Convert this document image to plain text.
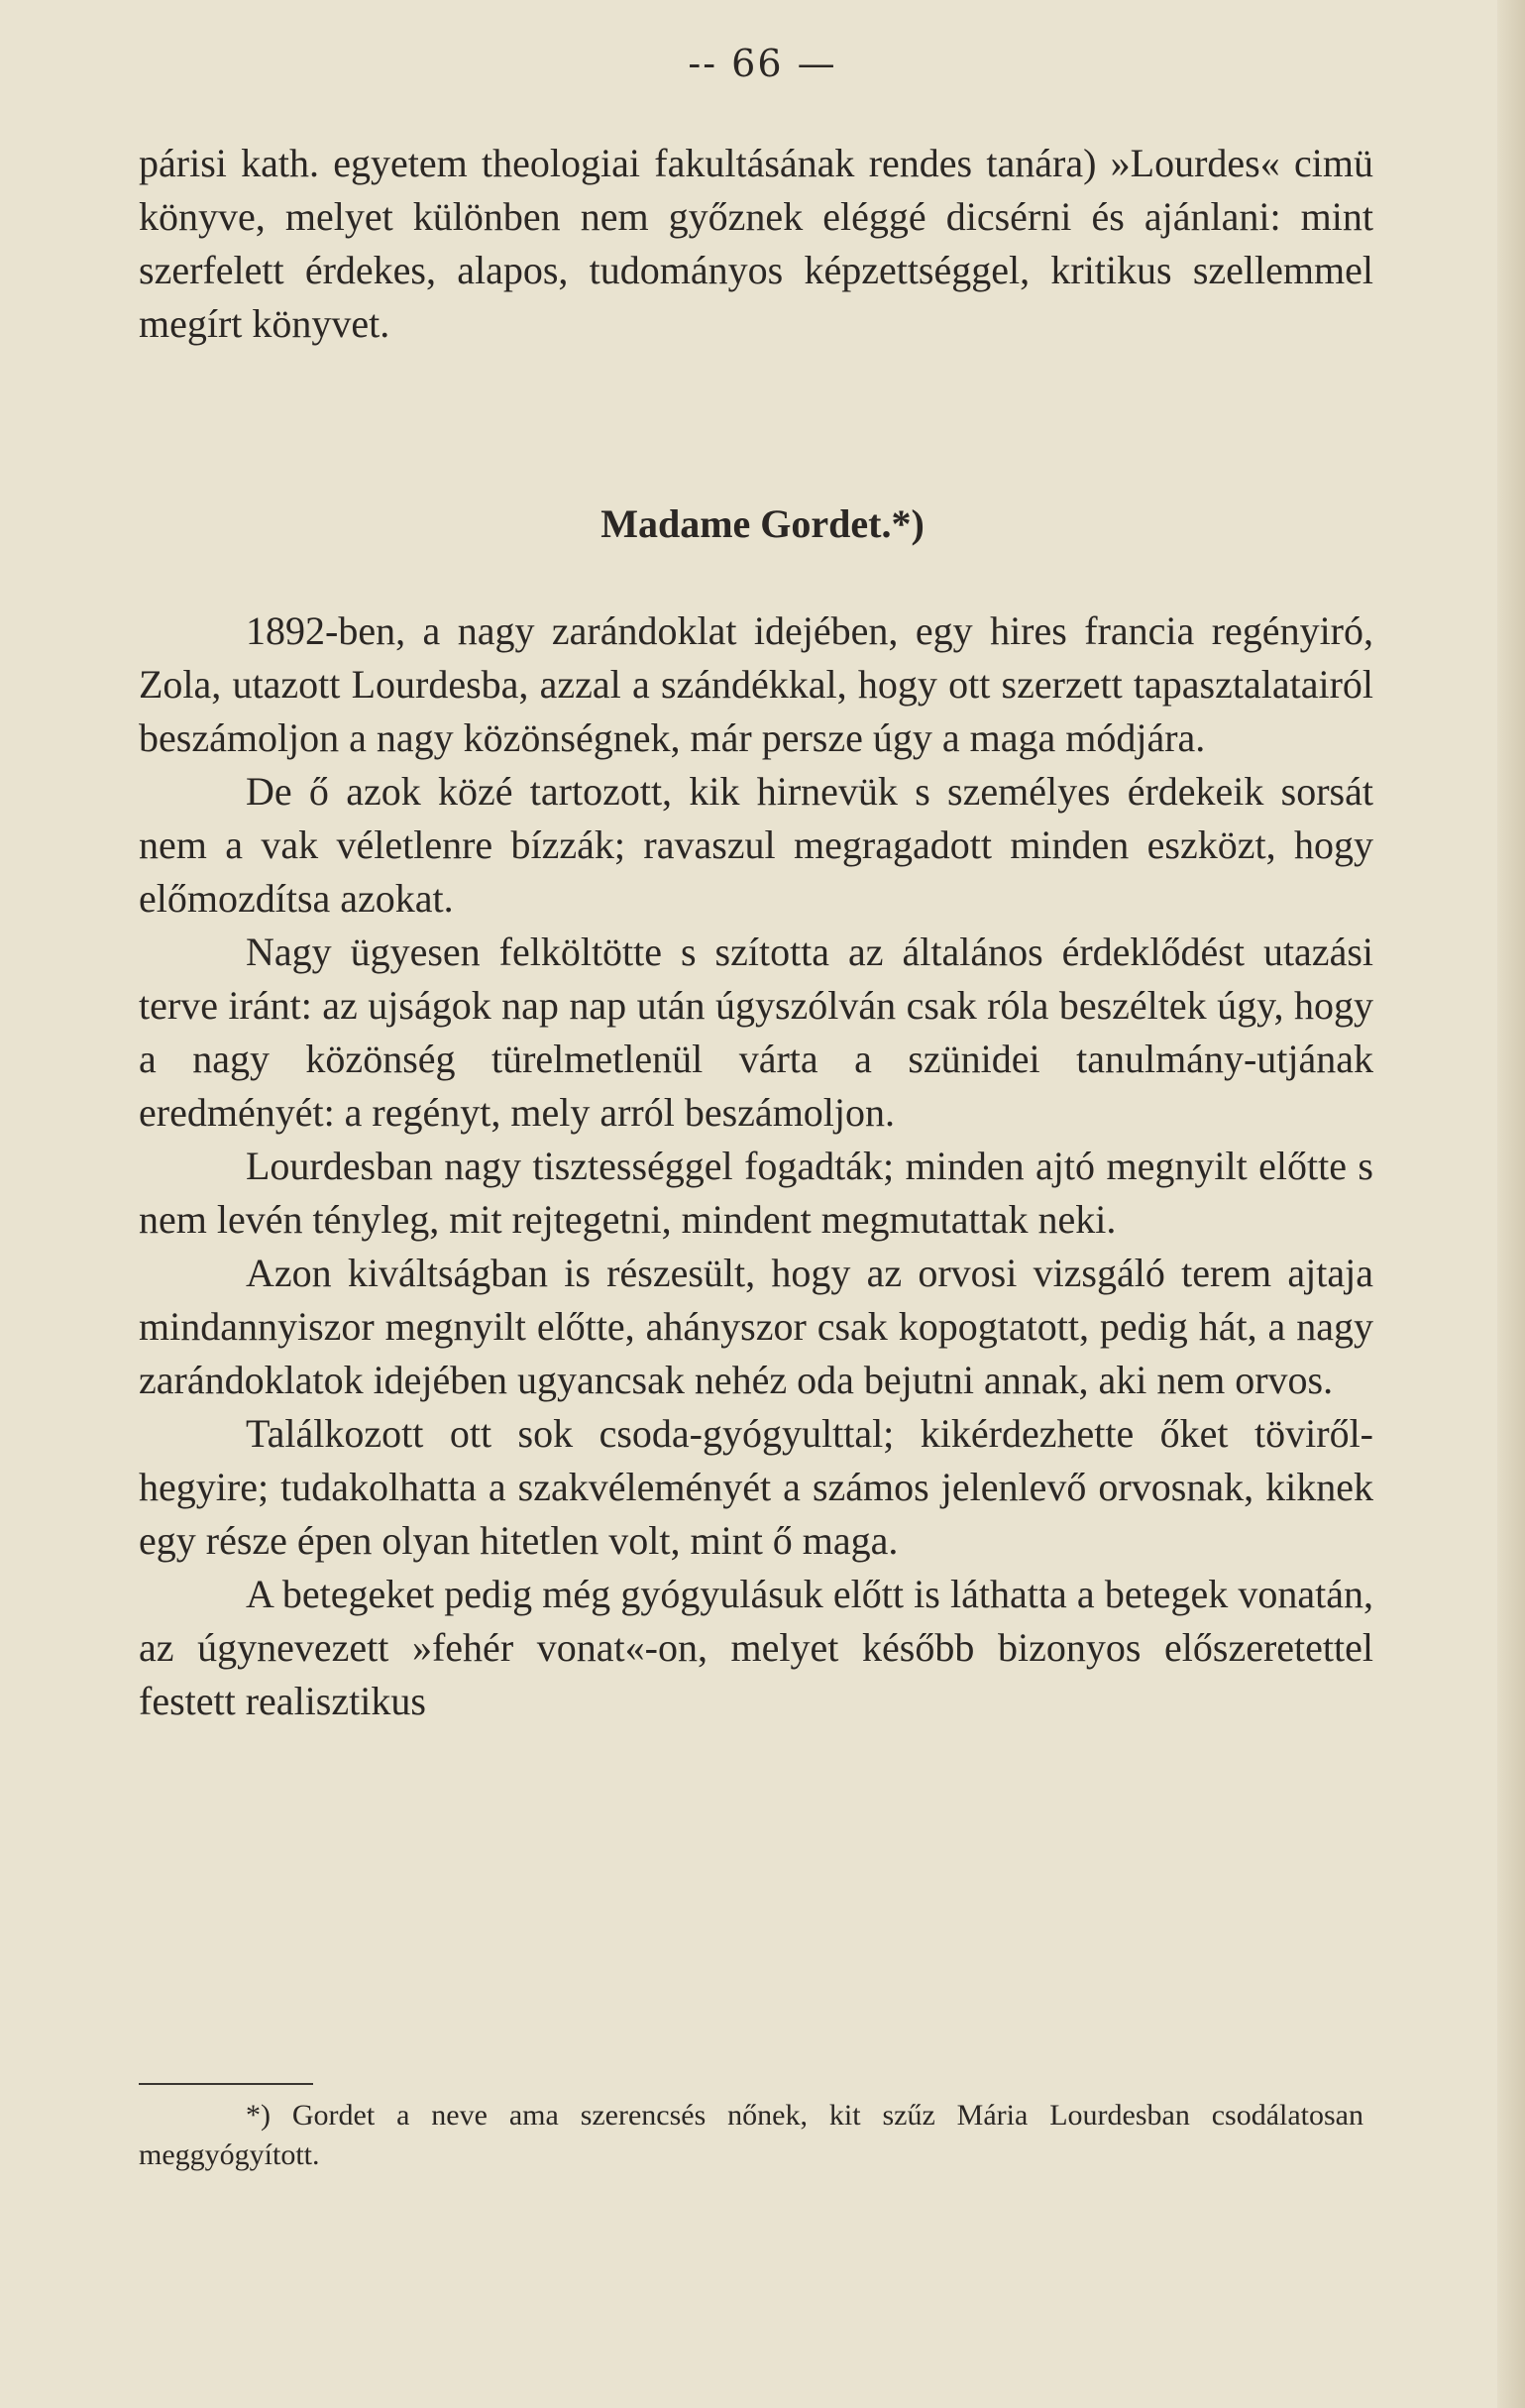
-- 66 —

párisi kath. egyetem theologiai fakultásának rendes tanára) »Lourdes« cimü könyve, melyet különben nem győznek eléggé dicsérni és ajánlani: mint szerfelett érdekes, alapos, tudományos képzettséggel, kritikus szellemmel megírt könyvet.

Madame Gordet.*)

1892-ben, a nagy zarándoklat idejében, egy hires francia regényiró, Zola, utazott Lourdesba, azzal a szándékkal, hogy ott szerzett tapasztalatairól beszámoljon a nagy közönségnek, már persze úgy a maga módjára.

De ő azok közé tartozott, kik hirnevük s személyes érdekeik sorsát nem a vak véletlenre bízzák; ravaszul megragadott minden eszközt, hogy előmozdítsa azokat.

Nagy ügyesen felköltötte s szította az általános érdeklődést utazási terve iránt: az ujságok nap nap után úgyszólván csak róla beszéltek úgy, hogy a nagy közönség türelmetlenül várta a szünidei tanulmány-utjának eredményét: a regényt, mely arról beszámoljon.

Lourdesban nagy tisztességgel fogadták; minden ajtó megnyilt előtte s nem levén tényleg, mit rejtegetni, mindent megmutattak neki.

Azon kiváltságban is részesült, hogy az orvosi vizsgáló terem ajtaja mindannyiszor megnyilt előtte, ahányszor csak kopogtatott, pedig hát, a nagy zarándoklatok idejében ugyancsak nehéz oda bejutni annak, aki nem orvos.

Találkozott ott sok csoda-gyógyulttal; kikérdezhette őket töviről-hegyire; tudakolhatta a szakvéleményét a számos jelenlevő orvosnak, kiknek egy része épen olyan hitetlen volt, mint ő maga.

A betegeket pedig még gyógyulásuk előtt is láthatta a betegek vonatán, az úgynevezett »fehér vonat«-on, melyet később bizonyos előszeretettel festett realisztikus

*) Gordet a neve ama szerencsés nőnek, kit szűz Mária Lourdesban csodálatosan meggyógyított.
